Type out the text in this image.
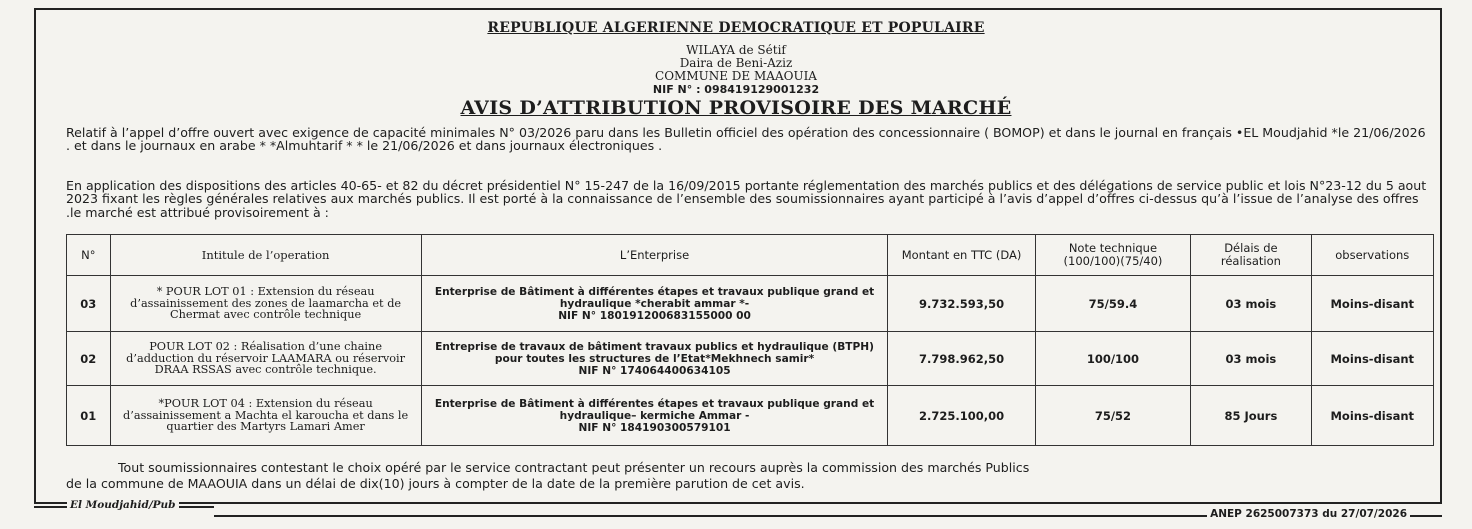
REPUBLIQUE ALGERIENNE DEMOCRATIQUE ET POPULAIRE
WILAYA de Sétif
Daira de Beni-Aziz
COMMUNE DE MAAOUIA
NIF N° : 098419129001232
AVIS D’ATTRIBUTION PROVISOIRE DES MARCHÉ

Relatif à l’appel d’offre ouvert avec exigence de capacité minimales N° 03/2026 paru dans les Bulletin officiel des opération des concessionnaire ( BOMOP) et dans le journal en français •EL Moudjahid *le 21/06/2026 . et dans le journaux en arabe * *Almuhtarif * * le 21/06/2026 et dans journaux électroniques .

En application des dispositions des articles 40-65- et 82 du décret présidentiel N° 15-247 de la 16/09/2015 portante réglementation des marchés publics et des délégations de service public et lois N°23-12 du 5 aout 2023 fixant les règles générales relatives aux marchés publics. Il est porté à la connaissance de l’ensemble des soumissionnaires ayant participé à l’avis d’appel d’offres ci-dessus qu’à l’issue de l’analyse des offres .le marché est attribué provisoirement à :

N°	Intitule de l’operation	L’Enterprise	Montant en TTC (DA)	Note technique (100/100)(75/40)	Délais de réalisation	observations
03	* POUR LOT 01 : Extension du réseau d’assainissement des zones de laamarcha et de Chermat avec contrôle technique	Enterprise de Bâtiment à différentes étapes et travaux publique grand et hydraulique *cherabit ammar *-
NIF N° 180191200683155000 00	9.732.593,50	75/59.4	03 mois	Moins-disant
02	POUR LOT 02 : Réalisation d’une chaine d’adduction du réservoir LAAMARA ou réservoir DRAA RSSAS avec contrôle technique.	Entreprise de travaux de bâtiment travaux publics et hydraulique (BTPH) pour toutes les structures de l’Etat*Mekhnech samir*
NIF N° 174064400634105	7.798.962,50	100/100	03 mois	Moins-disant
01	*POUR LOT 04 : Extension du réseau d’assainissement a Machta el karoucha et dans le quartier des Martyrs Lamari Amer	Enterprise de Bâtiment à différentes étapes et travaux publique grand et hydraulique– kermiche Ammar -
NIF N° 184190300579101	2.725.100,00	75/52	85 Jours	Moins-disant
Tout soumissionnaires contestant le choix opéré par le service contractant peut présenter un recours auprès la commission des marchés Publics
de la commune de MAAOUIA dans un délai de dix(10) jours à compter de la date de la première parution de cet avis.
El Moudjahid/Pub
ANEP 2625007373 du 27/07/2026
